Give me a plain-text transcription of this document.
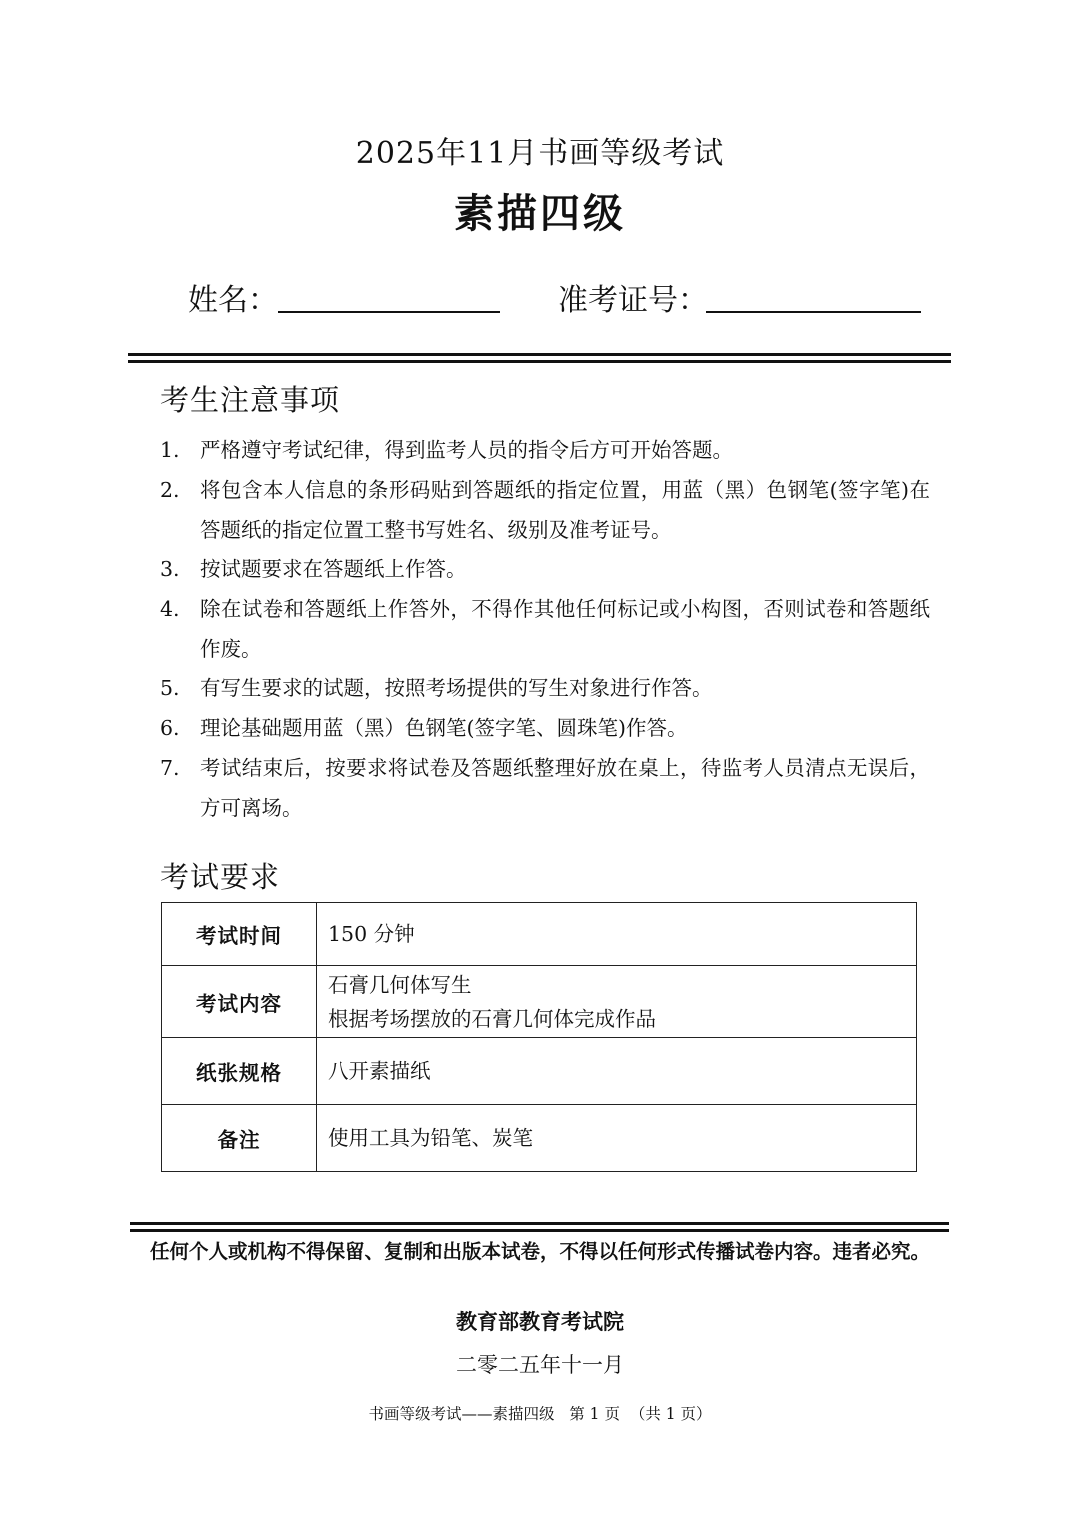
2025年11月书画等级考试
素描四级
姓名：	准考证号：
考生注意事项
1. 严格遵守考试纪律，得到监考人员的指令后方可开始答题。
2. 将包含本人信息的条形码贴到答题纸的指定位置，用蓝（黑）色钢笔(签字笔)在答题纸的指定位置工整书写姓名、级别及准考证号。
3. 按试题要求在答题纸上作答。
4. 除在试卷和答题纸上作答外，不得作其他任何标记或小构图，否则试卷和答题纸作废。
5. 有写生要求的试题，按照考场提供的写生对象进行作答。
6. 理论基础题用蓝（黑）色钢笔(签字笔、圆珠笔)作答。
7. 考试结束后，按要求将试卷及答题纸整理好放在桌上，待监考人员清点无误后，方可离场。
考试要求
考试时间	150 分钟

考试内容	石膏几何体写生
根据考场摆放的石膏几何体完成作品

纸张规格	八开素描纸

备注	使用工具为铅笔、炭笔
任何个人或机构不得保留、复制和出版本试卷，不得以任何形式传播试卷内容。违者必究。
教育部教育考试院
二零二五年十一月
书画等级考试——素描四级 第 1 页 （共 1 页）
